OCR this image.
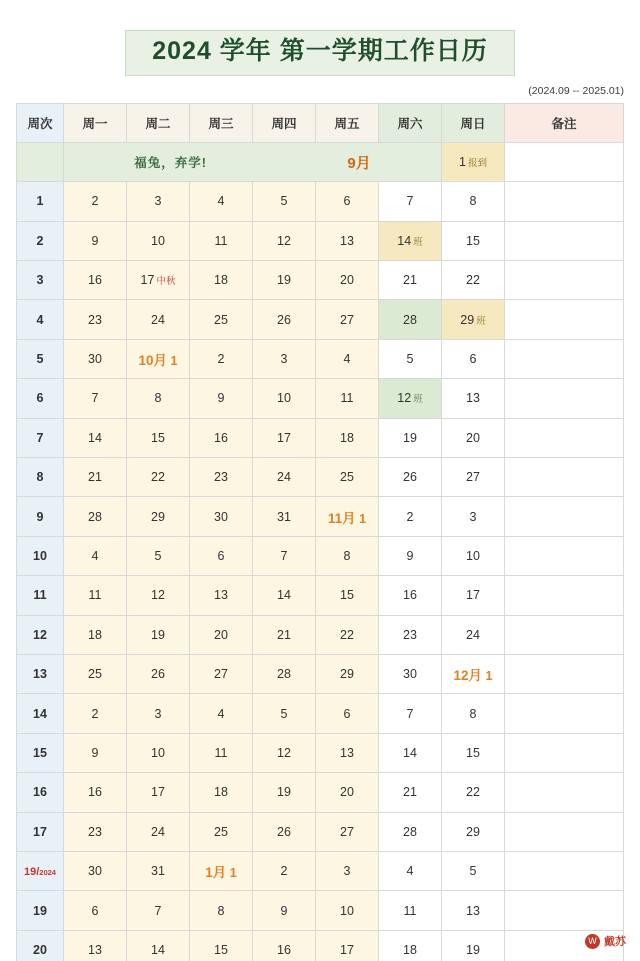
2024 学年 第一学期工作日历
(2024.09 -- 2025.01)
周次	周一	周二	周三	周四	周五	周六	周日	备注

	福兔，弃学! 9月						1 报到	
1	2	3	4	5	6	7	8	
2	9	10	11	12	13	14 班	15	
3	16	17 中秋	18	19	20	21	22	
4	23	24	25	26	27	28	29 班	
5	30	10月 1	2	3	4	5	6	
6	7	8	9	10	11	12 班	13	
7	14	15	16	17	18	19	20	
8	21	22	23	24	25	26	27	
9	28	29	30	31	11月 1	2	3	
10	4	5	6	7	8	9	10	
11	11	12	13	14	15	16	17	
12	18	19	20	21	22	23	24	
13	25	26	27	28	29	30	12月 1	
14	2	3	4	5	6	7	8	
15	9	10	11	12	13	14	15	
16	16	17	18	19	20	21	22	
17	23	24	25	26	27	28	29	
19/2024	30	31	1月 1	2	3	4	5	
19	6	7	8	9	10	11	13	
20	13	14	15	16	17	18	19	
W 戴苏
